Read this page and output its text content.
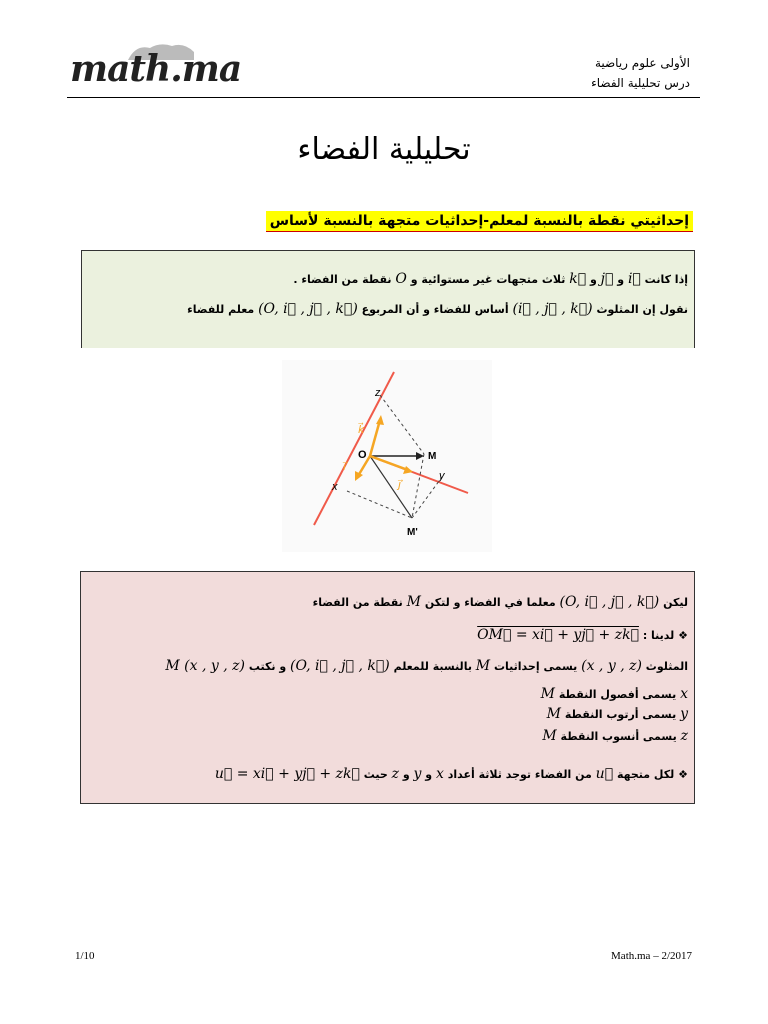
math.ma	الأولى علوم رياضية
درس تحليلية الفضاء
تحليلية الفضاء
إحداثيتي نقطة بالنسبة لمعلم-إحداثيات متجهة بالنسبة لأساس
إذا كانت i⃗ و j⃗ و k⃗ ثلاث متجهات غير مستوائية و O نقطة من الفضاء .
نقول إن المثلوث (i⃗ , j⃗ , k⃗) أساس للفضاء و أن المربوع (O, i⃗ , j⃗ , k⃗) معلم للفضاء
z
k⃗
O	M
i⃗
j⃗
y
x
M'
ليكن (O, i⃗ , j⃗ , k⃗) معلما في الفضاء و لتكن M نقطة من الفضاء
❖ لدينا : OM⃗ = xi⃗ + yj⃗ + zk⃗
المثلوث (x , y , z) يسمى إحداثيات M بالنسبة للمعلم (O, i⃗ , j⃗ , k⃗) و نكتب M (x , y , z)
x يسمى أفصول النقطة M
y يسمى أرتوب النقطة M
z يسمى أنسوب النقطة M
❖ لكل متجهة u⃗ من الفضاء توجد ثلاثة أعداد x و y و z حيث u⃗ = xi⃗ + yj⃗ + zk⃗
1/10	Math.ma – 2/2017
